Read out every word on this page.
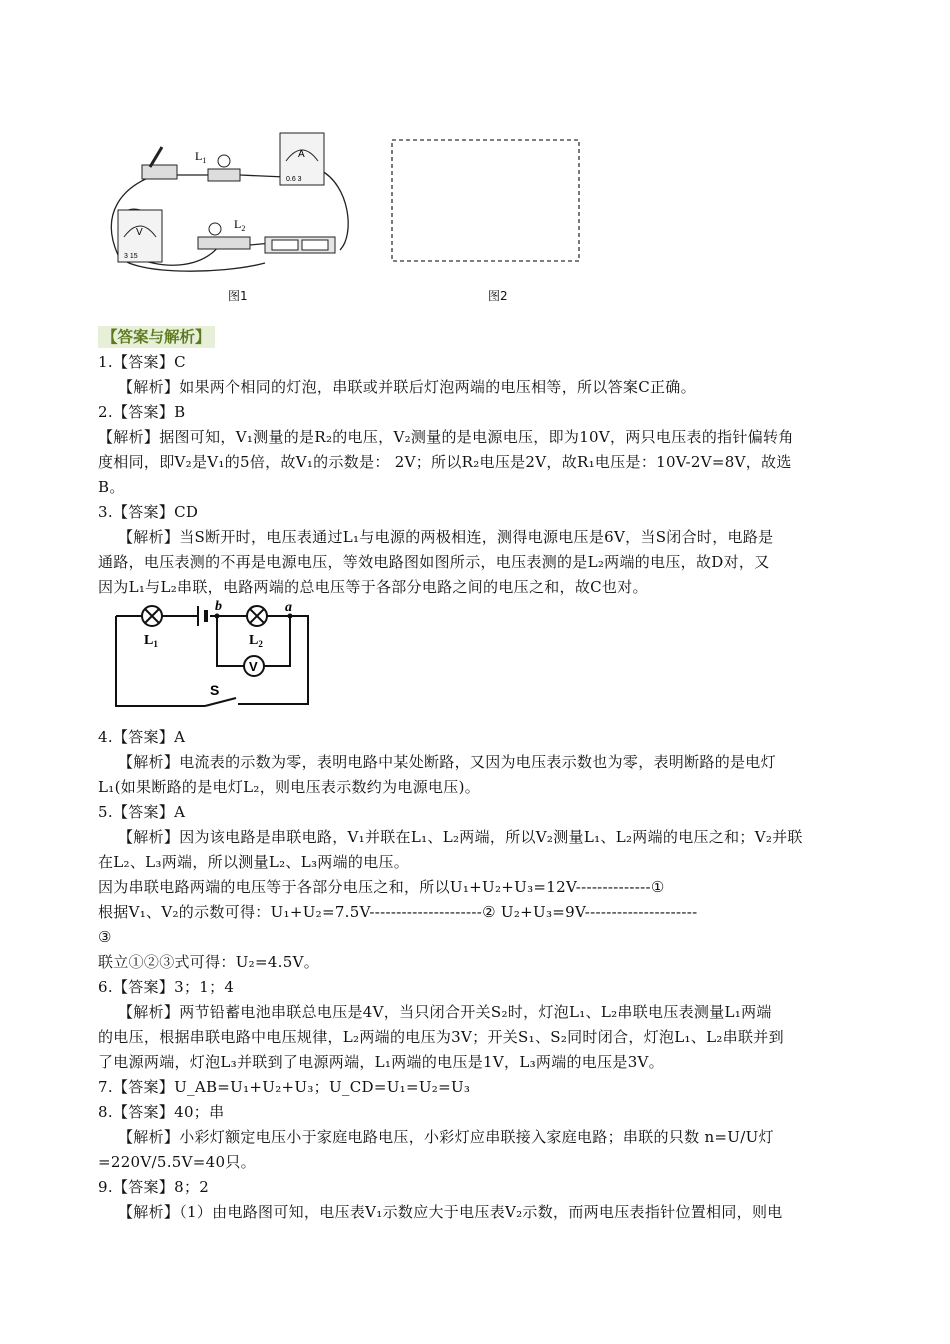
$L_1$
$L_2$
A
V
0.6 3
3 15
图1	图2
【答案与解析】
1.【答案】C
【解析】如果两个相同的灯泡，串联或并联后灯泡两端的电压相等，所以答案C正确。
2.【答案】B
【解析】据图可知，V₁测量的是R₂的电压，V₂测量的是电源电压，即为10V，两只电压表的指针偏转角
度相同，即V₂是V₁的5倍，故V₁的示数是： 2V；所以R₂电压是2V，故R₁电压是：10V-2V=8V，故选
B。
3.【答案】CD
【解析】当S断开时，电压表通过L₁与电源的两极相连，测得电源电压是6V，当S闭合时，电路是
通路，电压表测的不再是电源电压，等效电路图如图所示，电压表测的是L₂两端的电压，故D对，又
因为L₁与L₂串联，电路两端的总电压等于各部分电路之间的电压之和，故C也对。
V
$L_1$	$L_2$
b	a
S
4.【答案】A
【解析】电流表的示数为零，表明电路中某处断路，又因为电压表示数也为零，表明断路的是电灯
L₁(如果断路的是电灯L₂，则电压表示数约为电源电压)。
5.【答案】A
【解析】因为该电路是串联电路，V₁并联在L₁、L₂两端，所以V₂测量L₁、L₂两端的电压之和；V₂并联
在L₂、L₃两端，所以测量L₂、L₃两端的电压。
因为串联电路两端的电压等于各部分电压之和，所以U₁+U₂+U₃=12V--------------①
根据V₁、V₂的示数可得：U₁+U₂=7.5V---------------------② U₂+U₃=9V---------------------
③
联立①②③式可得：U₂=4.5V。
6.【答案】3；1；4
【解析】两节铅蓄电池串联总电压是4V，当只闭合开关S₂时，灯泡L₁、L₂串联电压表测量L₁两端
的电压，根据串联电路中电压规律，L₂两端的电压为3V；开关S₁、S₂同时闭合，灯泡L₁、L₂串联并到
了电源两端，灯泡L₃并联到了电源两端，L₁两端的电压是1V，L₃两端的电压是3V。
7.【答案】U_AB=U₁+U₂+U₃；U_CD=U₁=U₂=U₃
8.【答案】40；串
【解析】小彩灯额定电压小于家庭电路电压，小彩灯应串联接入家庭电路；串联的只数 n=U/U灯
=220V/5.5V=40只。
9.【答案】8；2
【解析】（1）由电路图可知，电压表V₁示数应大于电压表V₂示数，而两电压表指针位置相同，则电
